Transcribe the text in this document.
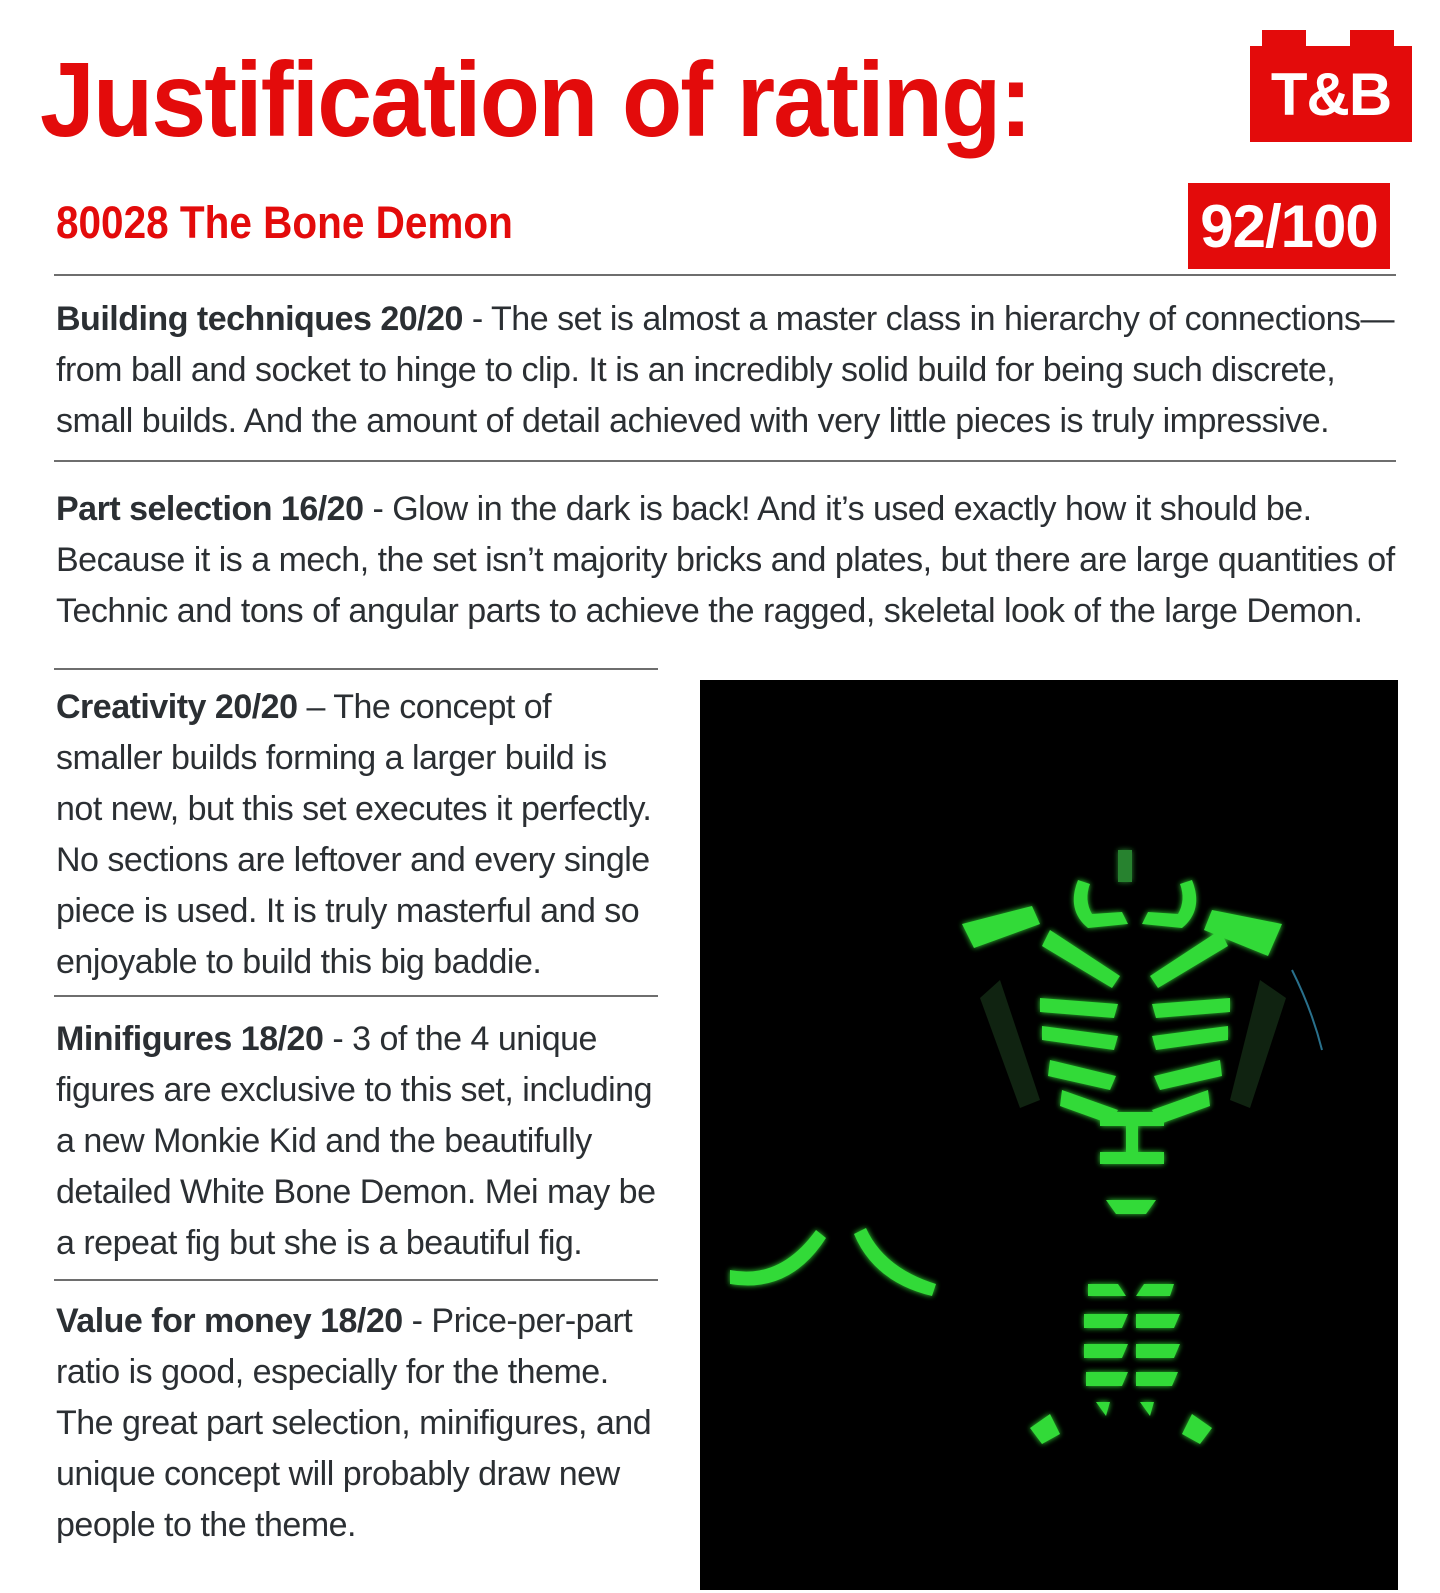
Justification of rating:	T&B
80028 The Bone Demon	92/100

Building techniques 20/20 - The set is almost a master class in hierarchy of connections—from ball and socket to hinge to clip. It is an incredibly solid build for being such discrete, small builds. And the amount of detail achieved with very little pieces is truly impressive.

Part selection 16/20 - Glow in the dark is back! And it’s used exactly how it should be. Because it is a mech, the set isn’t majority bricks and plates, but there are large quantities of Technic and tons of angular parts to achieve the ragged, skeletal look of the large Demon.

Creativity 20/20 – The concept of smaller builds forming a larger build is not new, but this set executes it perfectly. No sections are leftover and every single piece is used. It is truly masterful and so enjoyable to build this big baddie.

Minifigures 18/20 - 3 of the 4 unique figures are exclusive to this set, including a new Monkie Kid and the beautifully detailed White Bone Demon. Mei may be a repeat fig but she is a beautiful fig.

Value for money 18/20 - Price-per-part ratio is good, especially for the theme. The great part selection, minifigures, and unique concept will probably draw new people to the theme.
